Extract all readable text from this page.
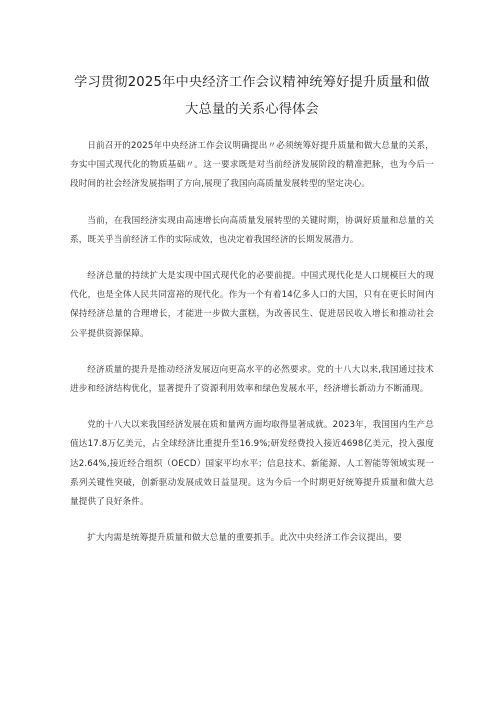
学习贯彻2025年中央经济工作会议精神统筹好提升质量和做大总量的关系心得体会

日前召开的2025年中央经济工作会议明确提出〃必须统筹好提升质量和做大总量的关系，夯实中国式现代化的物质基础〃。这一要求既是对当前经济发展阶段的精准把脉，也为今后一段时间的社会经济发展指明了方向,展现了我国向高质量发展转型的坚定决心。

当前，在我国经济实现由高速增长向高质量发展转型的关键时期，协调好质量和总量的关系，既关乎当前经济工作的实际成效，也决定着我国经济的长期发展潜力。

经济总量的持续扩大是实现中国式现代化的必要前提。中国式现代化是人口规模巨大的现代化，也是全体人民共同富裕的现代化。作为一个有着14亿多人口的大国，只有在更长时间内保持经济总量的合理增长，才能进一步做大蛋糕，为改善民生、促进居民收入增长和推动社会公平提供资源保障。

经济质量的提升是推动经济发展迈向更高水平的必然要求。党的十八大以来,我国通过技术进步和经济结构优化，显著提升了资源利用效率和绿色发展水平，经济增长新动力不断涌现。

党的十八大以来我国经济发展在质和量两方面均取得显著成就。2023年，我国国内生产总值达17.8万亿美元，占全球经济比重提升至16.9%;研发经费投入接近4698亿美元，投入强度达2.64%,接近经合组织（OECD）国家平均水平；信息技术、新能源、人工智能等领域实现一系列关键性突破，创新驱动发展成效日益显现。这为今后一个时期更好统筹提升质量和做大总量提供了良好条件。

扩大内需是统筹提升质量和做大总量的重要抓手。此次中央经济工作会议提出，要
